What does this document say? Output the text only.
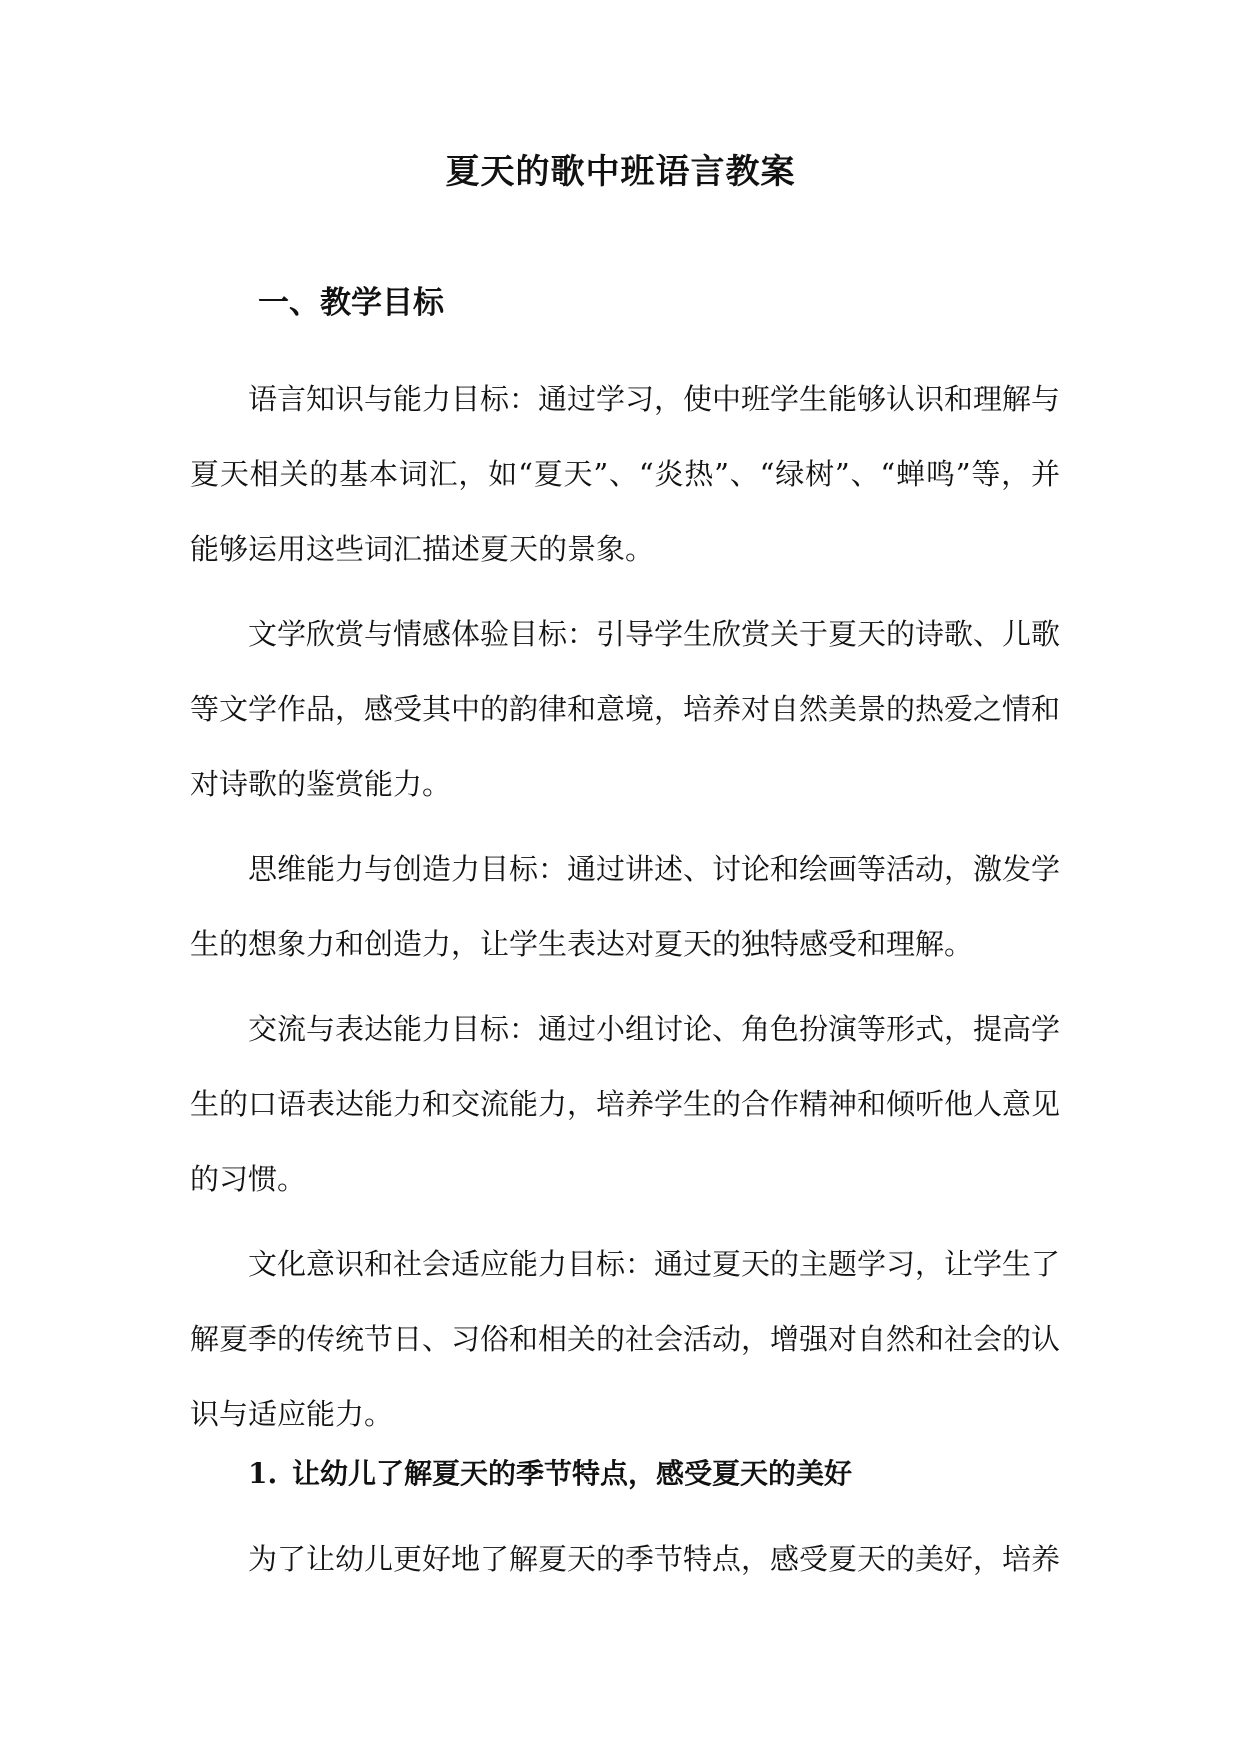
夏天的歌中班语言教案
一、教学目标

语言知识与能力目标：通过学习，使中班学生能够认识和理解与夏天相关的基本词汇，如“夏天”、“炎热”、“绿树”、“蝉鸣”等，并能够运用这些词汇描述夏天的景象。

文学欣赏与情感体验目标：引导学生欣赏关于夏天的诗歌、儿歌等文学作品，感受其中的韵律和意境，培养对自然美景的热爱之情和对诗歌的鉴赏能力。

思维能力与创造力目标：通过讲述、讨论和绘画等活动，激发学生的想象力和创造力，让学生表达对夏天的独特感受和理解。

交流与表达能力目标：通过小组讨论、角色扮演等形式，提高学生的口语表达能力和交流能力，培养学生的合作精神和倾听他人意见的习惯。

文化意识和社会适应能力目标：通过夏天的主题学习，让学生了解夏季的传统节日、习俗和相关的社会活动，增强对自然和社会的认识与适应能力。

1. 让幼儿了解夏天的季节特点，感受夏天的美好

为了让幼儿更好地了解夏天的季节特点，感受夏天的美好，培养
